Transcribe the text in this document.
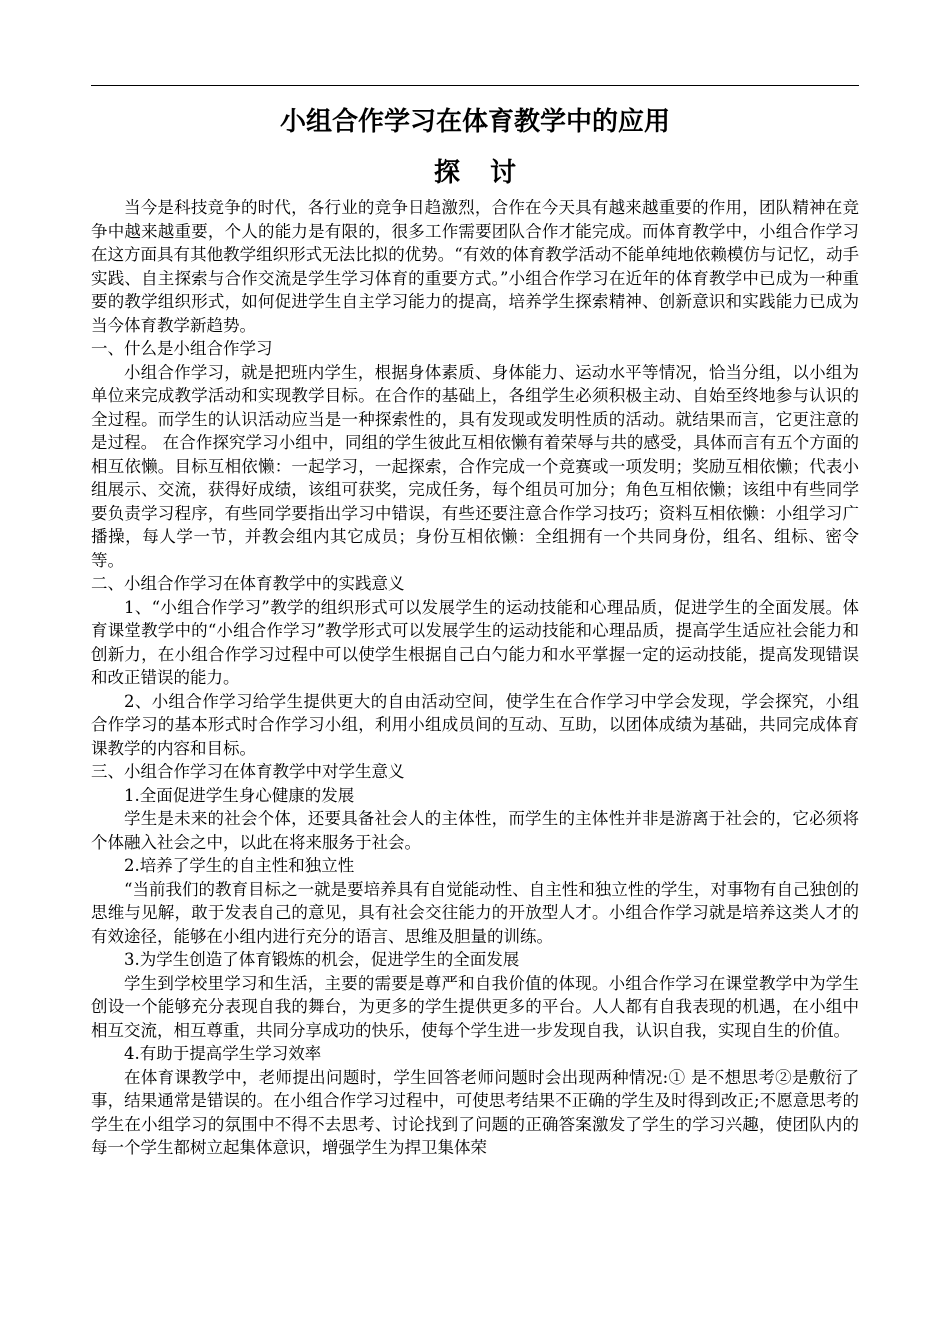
小组合作学习在体育教学中的应用
探讨

当今是科技竞争的时代，各行业的竞争日趋激烈，合作在今天具有越来越重要的作用，团队精神在竞争中越来越重要，个人的能力是有限的，很多工作需要团队合作才能完成。而体育教学中，小组合作学习在这方面具有其他教学组织形式无法比拟的优势。“有效的体育教学活动不能单纯地依赖模仿与记忆，动手实践、自主探索与合作交流是学生学习体育的重要方式。”小组合作学习在近年的体育教学中已成为一种重要的教学组织形式，如何促进学生自主学习能力的提高，培养学生探索精神、创新意识和实践能力已成为当今体育教学新趋势。

一、什么是小组合作学习

小组合作学习，就是把班内学生，根据身体素质、身体能力、运动水平等情况，恰当分组，以小组为单位来完成教学活动和实现教学目标。在合作的基础上，各组学生必须积极主动、自始至终地参与认识的全过程。而学生的认识活动应当是一种探索性的，具有发现或发明性质的活动。就结果而言，它更注意的是过程。 在合作探究学习小组中，同组的学生彼此互相依懒有着荣辱与共的感受，具体而言有五个方面的相互依懒。目标互相依懒：一起学习，一起探索，合作完成一个竞赛或一项发明；奖励互相依懒；代表小组展示、交流，获得好成绩，该组可获奖，完成任务，每个组员可加分；角色互相依懒；该组中有些同学要负责学习程序，有些同学要指出学习中错误，有些还要注意合作学习技巧；资料互相依懒：小组学习广播操，每人学一节，并教会组内其它成员；身份互相依懒：全组拥有一个共同身份，组名、组标、密令等。

二、小组合作学习在体育教学中的实践意义

1、“小组合作学习”教学的组织形式可以发展学生的运动技能和心理品质，促进学生的全面发展。体育课堂教学中的“小组合作学习”教学形式可以发展学生的运动技能和心理品质，提高学生适应社会能力和创新力，在小组合作学习过程中可以使学生根据自己白勺能力和水平掌握一定的运动技能，提高发现错误和改正错误的能力。

2、小组合作学习给学生提供更大的自由活动空间，使学生在合作学习中学会发现，学会探究，小组合作学习的基本形式时合作学习小组，利用小组成员间的互动、互助，以团体成绩为基础，共同完成体育课教学的内容和目标。

三、小组合作学习在体育教学中对学生意义

1.全面促进学生身心健康的发展

学生是未来的社会个体，还要具备社会人的主体性，而学生的主体性并非是游离于社会的，它必须将个体融入社会之中，以此在将来服务于社会。

2.培养了学生的自主性和独立性

“当前我们的教育目标之一就是要培养具有自觉能动性、自主性和独立性的学生，对事物有自己独创的思维与见解，敢于发表自己的意见，具有社会交往能力的开放型人才。小组合作学习就是培养这类人才的有效途径，能够在小组内进行充分的语言、思维及胆量的训练。

3.为学生创造了体育锻炼的机会，促进学生的全面发展

学生到学校里学习和生活，主要的需要是尊严和自我价值的体现。小组合作学习在课堂教学中为学生创设一个能够充分表现自我的舞台，为更多的学生提供更多的平台。人人都有自我表现的机遇，在小组中相互交流，相互尊重，共同分享成功的快乐，使每个学生进一步发现自我，认识自我，实现自生的价值。

4.有助于提高学生学习效率

在体育课教学中，老师提出问题时，学生回答老师问题时会出现两种情况:① 是不想思考②是敷衍了事，结果通常是错误的。在小组合作学习过程中，可使思考结果不正确的学生及时得到改正;不愿意思考的学生在小组学习的氛围中不得不去思考、讨论找到了问题的正确答案激发了学生的学习兴趣，使团队内的每一个学生都树立起集体意识，增强学生为捍卫集体荣
